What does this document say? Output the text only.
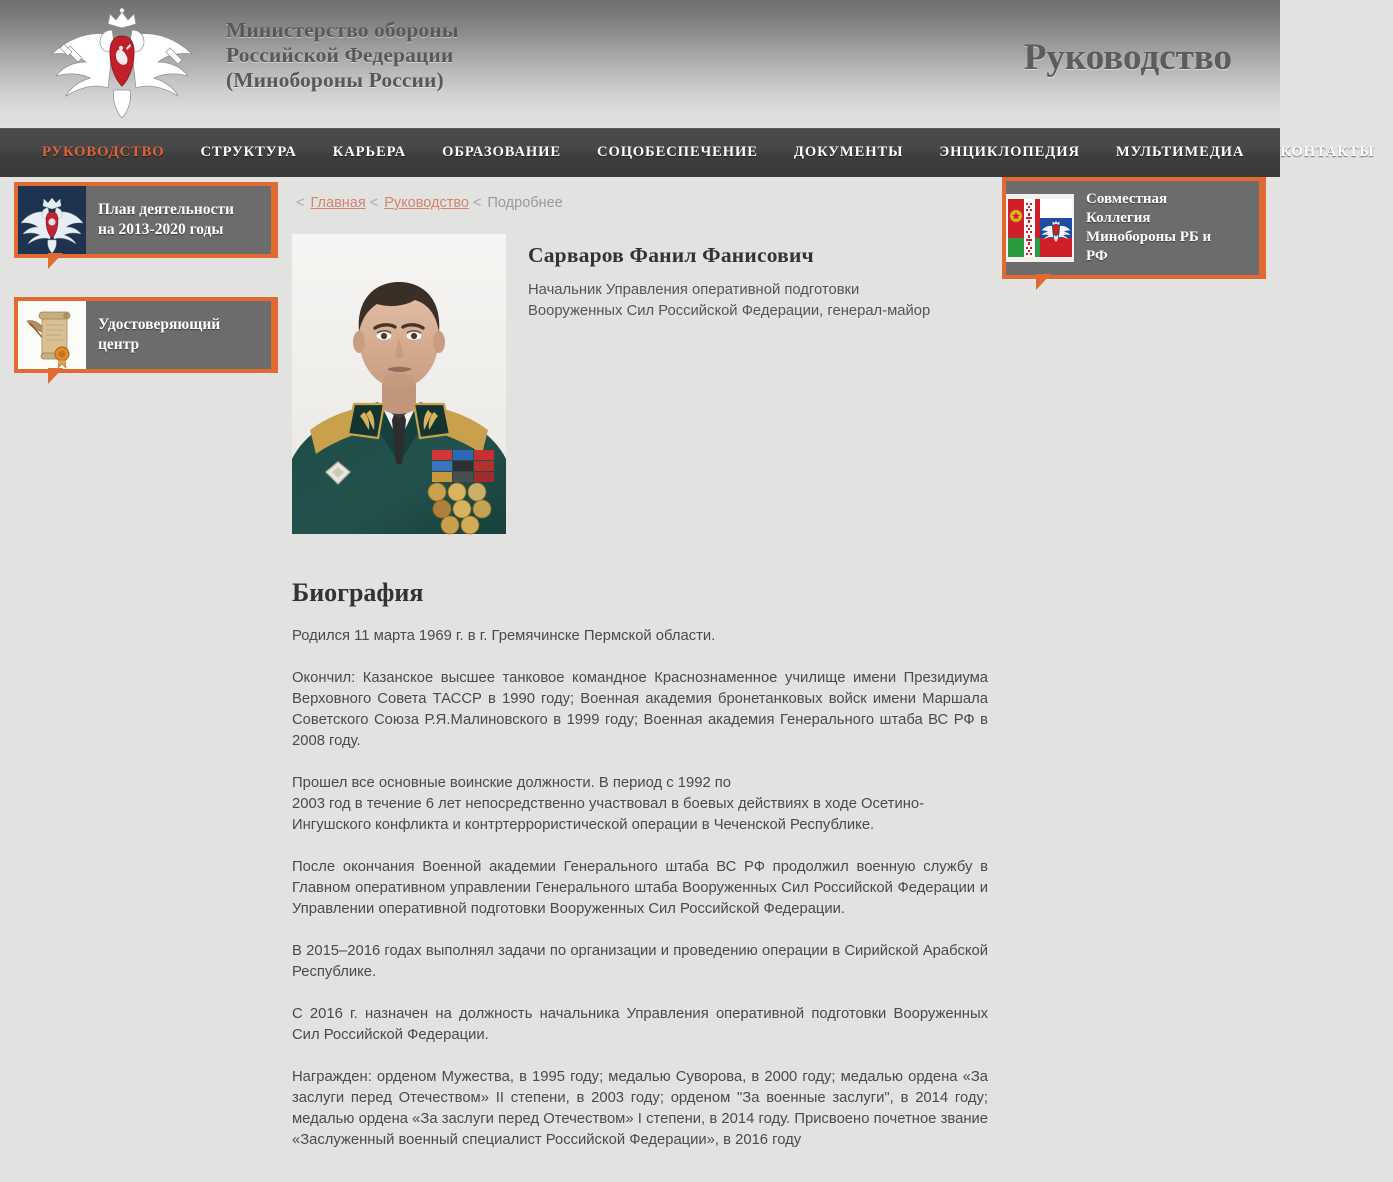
Министерство обороны
Российской Федерации
(Минобороны России)
Руководство
РУКОВОДСТВО	СТРУКТУРА	КАРЬЕРА	ОБРАЗОВАНИЕ	СОЦОБЕСПЕЧЕНИЕ	ДОКУМЕНТЫ	ЭНЦИКЛОПЕДИЯ	МУЛЬТИМЕДИА	КОНТАКТЫ
План деятельности
на 2013-2020 годы
Удостоверяющий
центр
Совместная
Коллегия
Минобороны РБ и
РФ
< Главная < Руководство < Подробнее
Сарваров Фанил Фанисович
Начальник Управления оперативной подготовки
Вооруженных Сил Российской Федерации, генерал-майор
Биография

Родился 11 марта 1969 г. в г. Гремячинске Пермской области.

Окончил: Казанское высшее танковое командное Краснознаменное училище имени Президиума Верховного Совета ТАССР в 1990 году; Военная академия бронетанковых войск имени Маршала Советского Союза Р.Я.Малиновского в 1999 году; Военная академия Генерального штаба ВС РФ в 2008 году.

Прошел все основные воинские должности. В период с 1992 по
2003 год в течение 6 лет непосредственно участвовал в боевых действиях в ходе Осетино-Ингушского конфликта и контртеррористической операции в Чеченской Республике.

После окончания Военной академии Генерального штаба ВС РФ продолжил военную службу в Главном оперативном управлении Генерального штаба Вооруженных Сил Российской Федерации и Управлении оперативной подготовки Вооруженных Сил Российской Федерации.

В 2015–2016 годах выполнял задачи по организации и проведению операции в Сирийской Арабской Республике.

С 2016 г. назначен на должность начальника Управления оперативной подготовки Вооруженных Сил Российской Федерации.

Награжден: орденом Мужества, в 1995 году; медалью Суворова, в 2000 году; медалью ордена «За заслуги перед Отечеством» II степени, в 2003 году; орденом "За военные заслуги", в 2014 году; медалью ордена «За заслуги перед Отечеством» I степени, в 2014 году. Присвоено почетное звание «Заслуженный военный специалист Российской Федерации», в 2016 году
